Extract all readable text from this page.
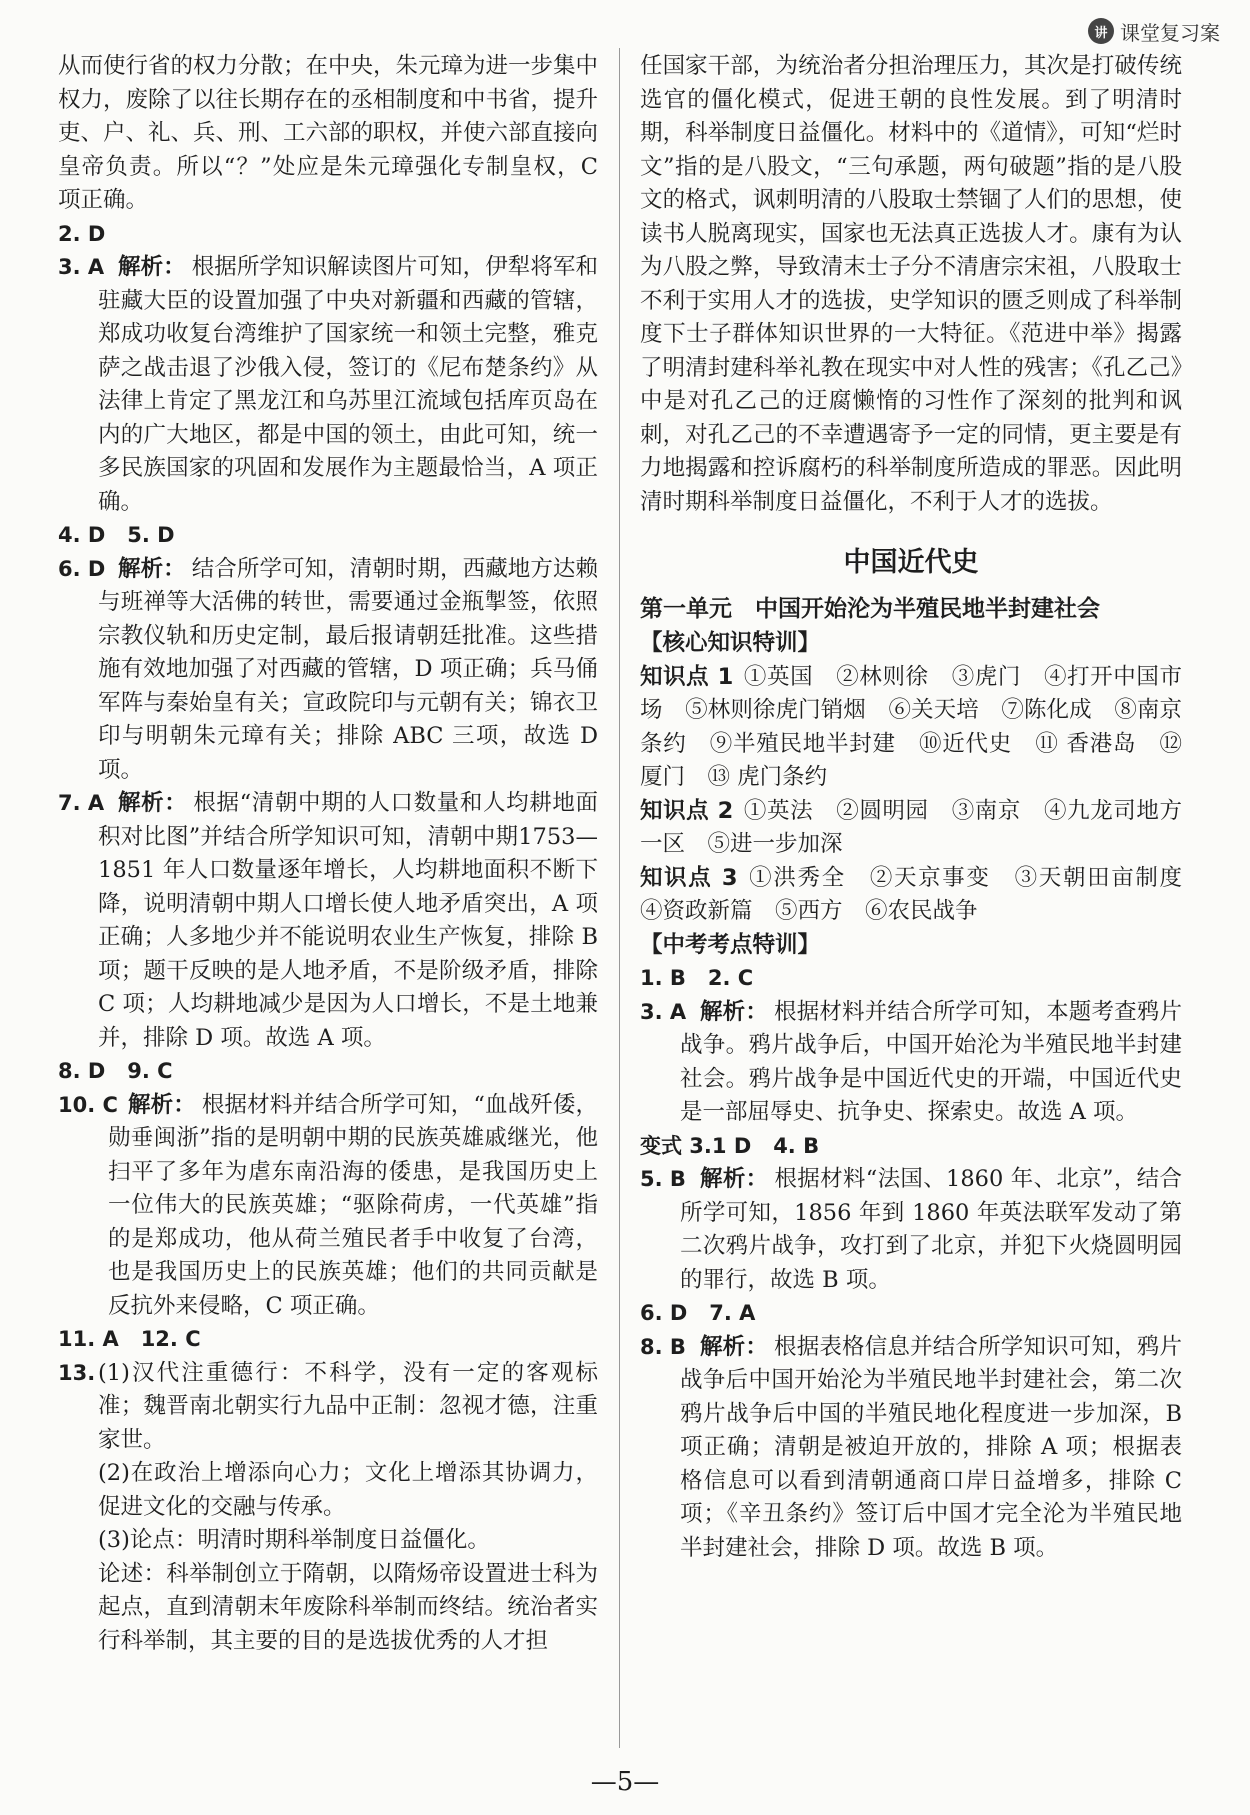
讲 课堂复习案

从而使行省的权力分散；在中央，朱元璋为进一步集中权力，废除了以往长期存在的丞相制度和中书省，提升吏、户、礼、兵、刑、工六部的职权，并使六部直接向皇帝负责。所以“？”处应是朱元璋强化专制皇权，C 项正确。

2. D
3. A 解析： 根据所学知识解读图片可知，伊犁将军和驻藏大臣的设置加强了中央对新疆和西藏的管辖，郑成功收复台湾维护了国家统一和领土完整，雅克萨之战击退了沙俄入侵，签订的《尼布楚条约》从法律上肯定了黑龙江和乌苏里江流域包括库页岛在内的广大地区，都是中国的领土，由此可知，统一多民族国家的巩固和发展作为主题最恰当，A 项正确。
4. D   5. D
6. D 解析： 结合所学可知，清朝时期，西藏地方达赖与班禅等大活佛的转世，需要通过金瓶掣签，依照宗教仪轨和历史定制，最后报请朝廷批准。这些措施有效地加强了对西藏的管辖，D 项正确；兵马俑军阵与秦始皇有关；宣政院印与元朝有关；锦衣卫印与明朝朱元璋有关；排除 ABC 三项，故选 D 项。
7. A 解析： 根据“清朝中期的人口数量和人均耕地面积对比图”并结合所学知识可知，清朝中期1753—1851 年人口数量逐年增长，人均耕地面积不断下降，说明清朝中期人口增长使人地矛盾突出，A 项正确；人多地少并不能说明农业生产恢复，排除 B 项；题干反映的是人地矛盾，不是阶级矛盾，排除 C 项；人均耕地减少是因为人口增长，不是土地兼并，排除 D 项。故选 A 项。
8. D   9. C
10. C 解析： 根据材料并结合所学可知，“血战歼倭，勋垂闽浙”指的是明朝中期的民族英雄戚继光，他扫平了多年为虐东南沿海的倭患，是我国历史上一位伟大的民族英雄；“驱除荷虏，一代英雄”指的是郑成功，他从荷兰殖民者手中收复了台湾，也是我国历史上的民族英雄；他们的共同贡献是反抗外来侵略，C 项正确。
11. A   12. C
13. (1)汉代注重德行：不科学，没有一定的客观标准；魏晋南北朝实行九品中正制：忽视才德，注重家世。

(2)在政治上增添向心力；文化上增添其协调力，促进文化的交融与传承。

(3)论点：明清时期科举制度日益僵化。

论述：科举制创立于隋朝，以隋炀帝设置进士科为起点，直到清朝末年废除科举制而终结。统治者实行科举制，其主要的目的是选拔优秀的人才担

任国家干部，为统治者分担治理压力，其次是打破传统选官的僵化模式，促进王朝的良性发展。到了明清时期，科举制度日益僵化。材料中的《道情》，可知“烂时文”指的是八股文，“三句承题，两句破题”指的是八股文的格式，讽刺明清的八股取士禁锢了人们的思想，使读书人脱离现实，国家也无法真正选拔人才。康有为认为八股之弊，导致清末士子分不清唐宗宋祖，八股取士不利于实用人才的选拔，史学知识的匮乏则成了科举制度下士子群体知识世界的一大特征。《范进中举》揭露了明清封建科举礼教在现实中对人性的残害；《孔乙己》中是对孔乙己的迂腐懒惰的习性作了深刻的批判和讽刺，对孔乙己的不幸遭遇寄予一定的同情，更主要是有力地揭露和控诉腐朽的科举制度所造成的罪恶。因此明清时期科举制度日益僵化，不利于人才的选拔。

中国近代史
第一单元　中国开始沦为半殖民地半封建社会
【核心知识特训】

知识点 1 ①英国　②林则徐　③虎门　④打开中国市场　⑤林则徐虎门销烟　⑥关天培　⑦陈化成　⑧南京条约　⑨半殖民地半封建　⑩近代史　⑪ 香港岛　⑫ 厦门　⑬ 虎门条约

知识点 2 ①英法　②圆明园　③南京　④九龙司地方一区　⑤进一步加深

知识点 3 ①洪秀全　②天京事变　③天朝田亩制度　④资政新篇　⑤西方　⑥农民战争

【中考考点特训】
1. B   2. C
3. A 解析： 根据材料并结合所学可知，本题考查鸦片战争。鸦片战争后，中国开始沦为半殖民地半封建社会。鸦片战争是中国近代史的开端，中国近代史是一部屈辱史、抗争史、探索史。故选 A 项。
变式 3.1 D   4. B
5. B 解析： 根据材料“法国、1860 年、北京”，结合所学可知，1856 年到 1860 年英法联军发动了第二次鸦片战争，攻打到了北京，并犯下火烧圆明园的罪行，故选 B 项。
6. D   7. A
8. B 解析： 根据表格信息并结合所学知识可知，鸦片战争后中国开始沦为半殖民地半封建社会，第二次鸦片战争后中国的半殖民地化程度进一步加深，B 项正确；清朝是被迫开放的，排除 A 项；根据表格信息可以看到清朝通商口岸日益增多，排除 C 项；《辛丑条约》签订后中国才完全沦为半殖民地半封建社会，排除 D 项。故选 B 项。
—5—
